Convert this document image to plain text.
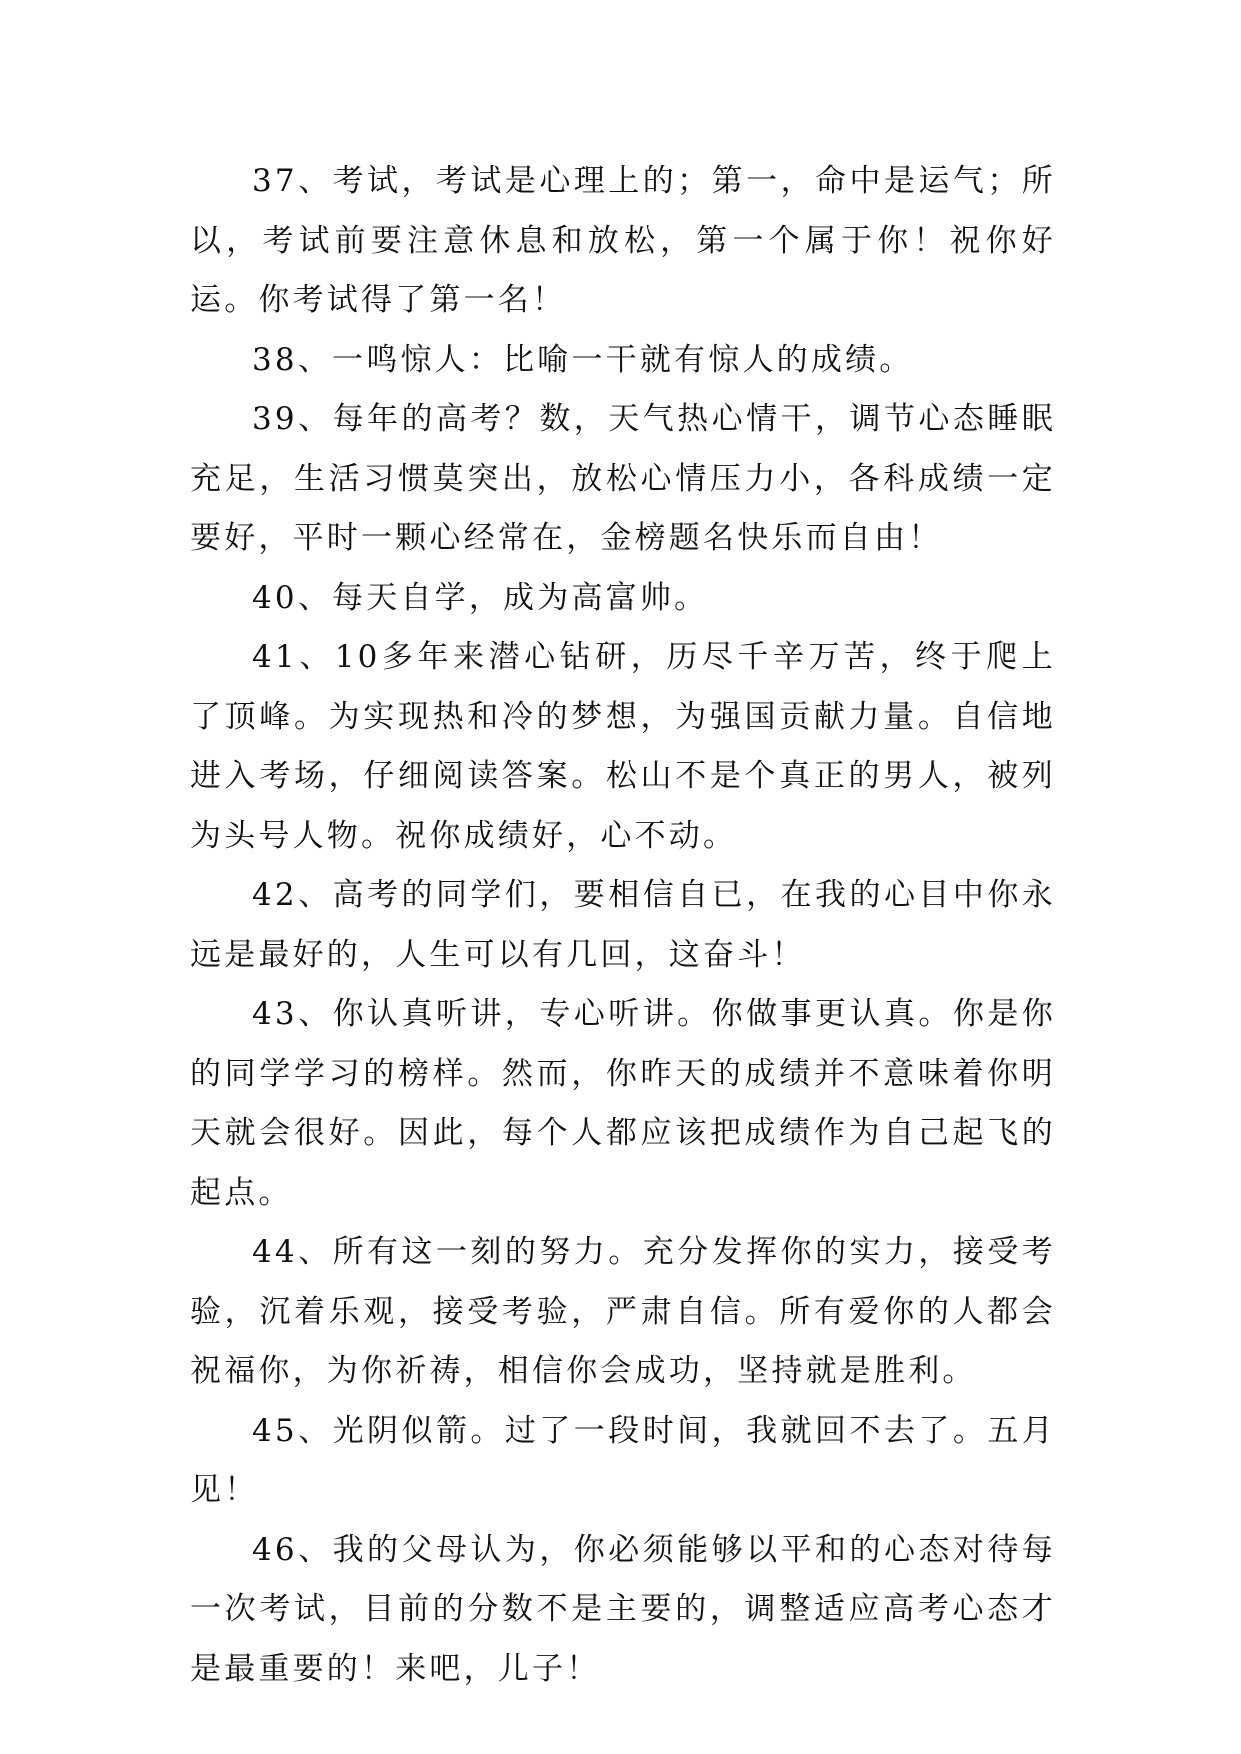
37、考试，考试是心理上的；第一，命中是运气；所以，考试前要注意休息和放松，第一个属于你！祝你好运。你考试得了第一名！

38、一鸣惊人：比喻一干就有惊人的成绩。

39、每年的高考？数，天气热心情干，调节心态睡眠充足，生活习惯莫突出，放松心情压力小，各科成绩一定要好，平时一颗心经常在，金榜题名快乐而自由！

40、每天自学，成为高富帅。

41、10多年来潜心钻研，历尽千辛万苦，终于爬上了顶峰。为实现热和冷的梦想，为强国贡献力量。自信地进入考场，仔细阅读答案。松山不是个真正的男人，被列为头号人物。祝你成绩好，心不动。

42、高考的同学们，要相信自已，在我的心目中你永远是最好的，人生可以有几回，这奋斗！

43、你认真听讲，专心听讲。你做事更认真。你是你的同学学习的榜样。然而，你昨天的成绩并不意味着你明天就会很好。因此，每个人都应该把成绩作为自己起飞的起点。

44、所有这一刻的努力。充分发挥你的实力，接受考验，沉着乐观，接受考验，严肃自信。所有爱你的人都会祝福你，为你祈祷，相信你会成功，坚持就是胜利。

45、光阴似箭。过了一段时间，我就回不去了。五月见！

46、我的父母认为，你必须能够以平和的心态对待每一次考试，目前的分数不是主要的，调整适应高考心态才是最重要的！来吧，儿子！
